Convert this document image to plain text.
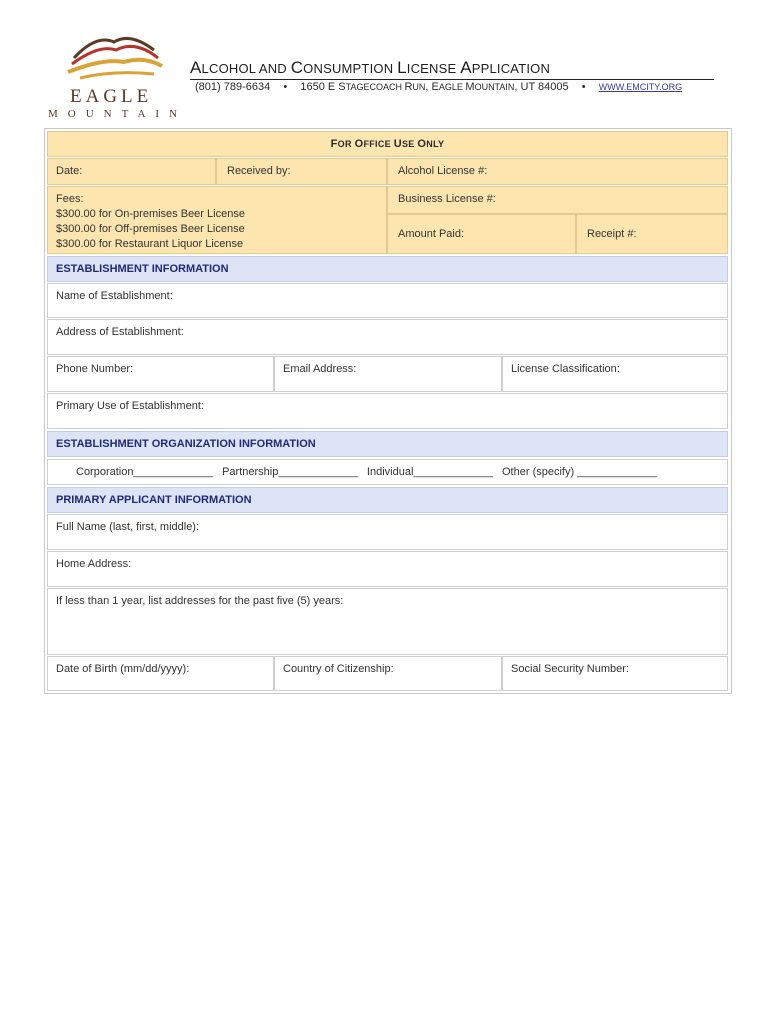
EAGLE
MOUNTAIN
ALCOHOL AND CONSUMPTION LICENSE APPLICATION
(801) 789-6634 • 1650 E STAGECOACH RUN, EAGLE MOUNTAIN, UT 84005 • WWW.EMCITY.ORG
FOR OFFICE USE ONLY
Date:	Received by:	Alcohol License #:
Fees:
$300.00 for On-premises Beer License
$300.00 for Off-premises Beer License
$300.00 for Restaurant Liquor License
Business License #:
Amount Paid:	Receipt #:
ESTABLISHMENT INFORMATION
Name of Establishment:
Address of Establishment:
Phone Number:	Email Address:	License Classification:
Primary Use of Establishment:
ESTABLISHMENT ORGANIZATION INFORMATION
Corporation_____________ Partnership_____________ Individual_____________ Other (specify) _____________
PRIMARY APPLICANT INFORMATION
Full Name (last, first, middle):
Home Address:
If less than 1 year, list addresses for the past five (5) years:
Date of Birth (mm/dd/yyyy):	Country of Citizenship:	Social Security Number:
